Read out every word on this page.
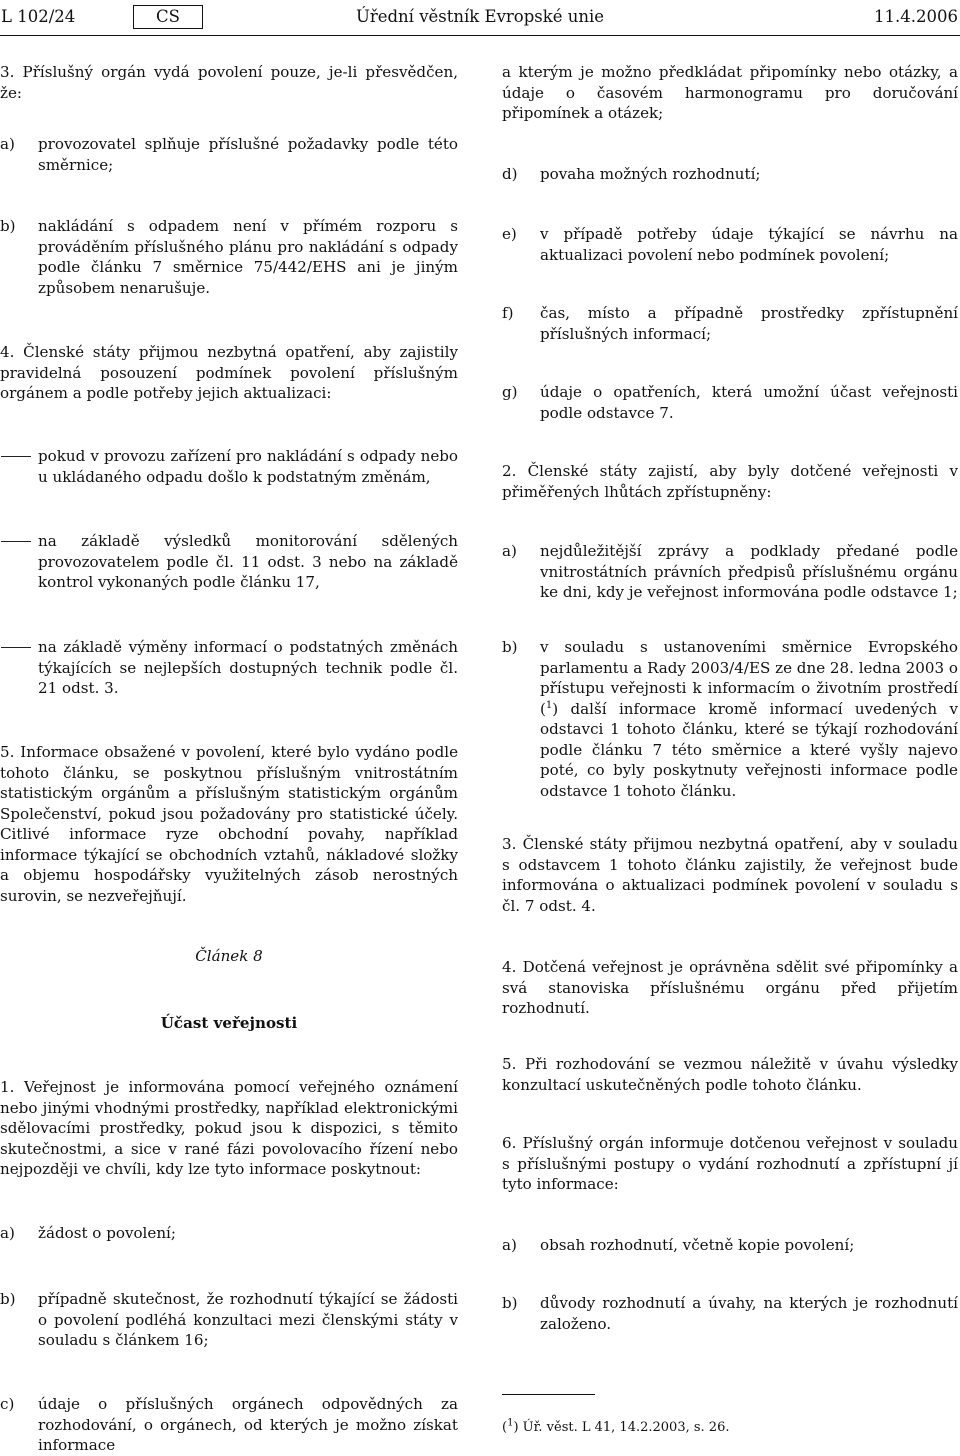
L 102/24	CS	Úřední věstník Evropské unie	11.4.2006

3. Příslušný orgán vydá povolení pouze, je-li přesvědčen, že:

a)	provozovatel splňuje příslušné požadavky podle této směrnice;
b)	nakládání s odpadem není v přímém rozporu s prováděním příslušného plánu pro nakládání s odpady podle článku 7 směrnice 75/442/EHS ani je jiným způsobem nenarušuje.

4. Členské státy přijmou nezbytná opatření, aby zajistily pravidelná posouzení podmínek povolení příslušným orgánem a podle potřeby jejich aktualizaci:

pokud v provozu zařízení pro nakládání s odpady nebo u ukládaného odpadu došlo k podstatným změnám,
na základě výsledků monitorování sdělených provozovatelem podle čl. 11 odst. 3 nebo na základě kontrol vykonaných podle článku 17,
na základě výměny informací o podstatných změnách týkajících se nejlepších dostupných technik podle čl. 21 odst. 3.

5. Informace obsažené v povolení, které bylo vydáno podle tohoto článku, se poskytnou příslušným vnitrostátním statistickým orgánům a příslušným statistickým orgánům Společenství, pokud jsou požadovány pro statistické účely. Citlivé informace ryze obchodní povahy, například informace týkající se obchodních vztahů, nákladové složky a objemu hospodářsky využitelných zásob nerostných surovin, se nezveřejňují.

Článek 8
Účast veřejnosti

1. Veřejnost je informována pomocí veřejného oznámení nebo jinými vhodnými prostředky, například elektronickými sdělovacími prostředky, pokud jsou k dispozici, s těmito skutečnostmi, a sice v rané fázi povolovacího řízení nebo nejpozději ve chvíli, kdy lze tyto informace poskytnout:

a)	žádost o povolení;
b)	případně skutečnost, že rozhodnutí týkající se žádosti o povolení podléhá konzultaci mezi členskými státy v souladu s článkem 16;
c)	údaje o příslušných orgánech odpovědných za rozhodování, o orgánech, od kterých je možno získat informace

a kterým je možno předkládat připomínky nebo otázky, a údaje o časovém harmonogramu pro doručování připomínek a otázek;

d)	povaha možných rozhodnutí;
e)	v případě potřeby údaje týkající se návrhu na aktualizaci povolení nebo podmínek povolení;
f)	čas, místo a případně prostředky zpřístupnění příslušných informací;
g)	údaje o opatřeních, která umožní účast veřejnosti podle odstavce 7.

2. Členské státy zajistí, aby byly dotčené veřejnosti v přiměřených lhůtách zpřístupněny:

a)	nejdůležitější zprávy a podklady předané podle vnitrostátních právních předpisů příslušnému orgánu ke dni, kdy je veřejnost informována podle odstavce 1;
b)	v souladu s ustanoveními směrnice Evropského parlamentu a Rady 2003/4/ES ze dne 28. ledna 2003 o přístupu veřejnosti k informacím o životním prostředí ($^1$) další informace kromě informací uvedených v odstavci 1 tohoto článku, které se týkají rozhodování podle článku 7 této směrnice a které vyšly najevo poté, co byly poskytnuty veřejnosti informace podle odstavce 1 tohoto článku.

3. Členské státy přijmou nezbytná opatření, aby v souladu s odstavcem 1 tohoto článku zajistily, že veřejnost bude informována o aktualizaci podmínek povolení v souladu s čl. 7 odst. 4.

4. Dotčená veřejnost je oprávněna sdělit své připomínky a svá stanoviska příslušnému orgánu před přijetím rozhodnutí.

5. Při rozhodování se vezmou náležitě v úvahu výsledky konzultací uskutečněných podle tohoto článku.

6. Příslušný orgán informuje dotčenou veřejnost v souladu s příslušnými postupy o vydání rozhodnutí a zpřístupní jí tyto informace:

a)	obsah rozhodnutí, včetně kopie povolení;
b)	důvody rozhodnutí a úvahy, na kterých je rozhodnutí založeno.
($^1$) Úř. věst. L 41, 14.2.2003, s. 26.
